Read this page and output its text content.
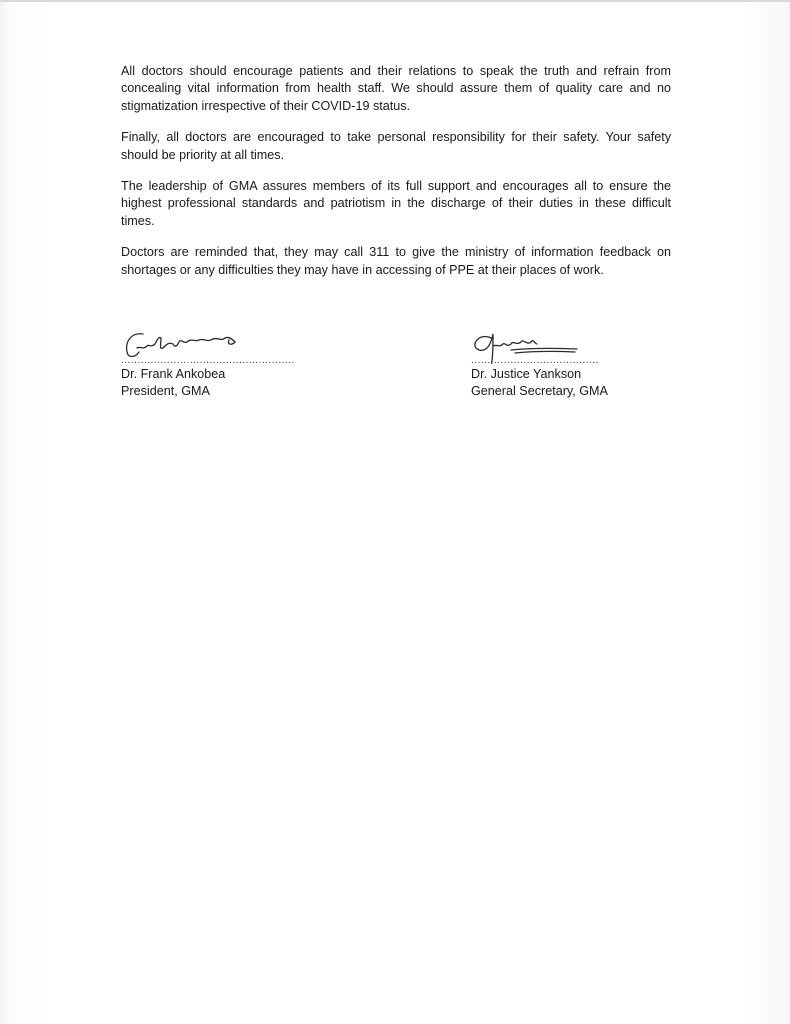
All doctors should encourage patients and their relations to speak the truth and refrain from concealing vital information from health staff. We should assure them of quality care and no stigmatization irrespective of their COVID-19 status.

Finally, all doctors are encouraged to take personal responsibility for their safety. Your safety should be priority at all times.

The leadership of GMA assures members of its full support and encourages all to ensure the highest professional standards and patriotism in the discharge of their duties in these difficult times.

Doctors are reminded that, they may call 311 to give the ministry of information feedback on shortages or any difficulties they may have in accessing of PPE at their places of work.

.....................................................
Dr. Frank Ankobea
President, GMA
.......................................
Dr. Justice Yankson
General Secretary, GMA
